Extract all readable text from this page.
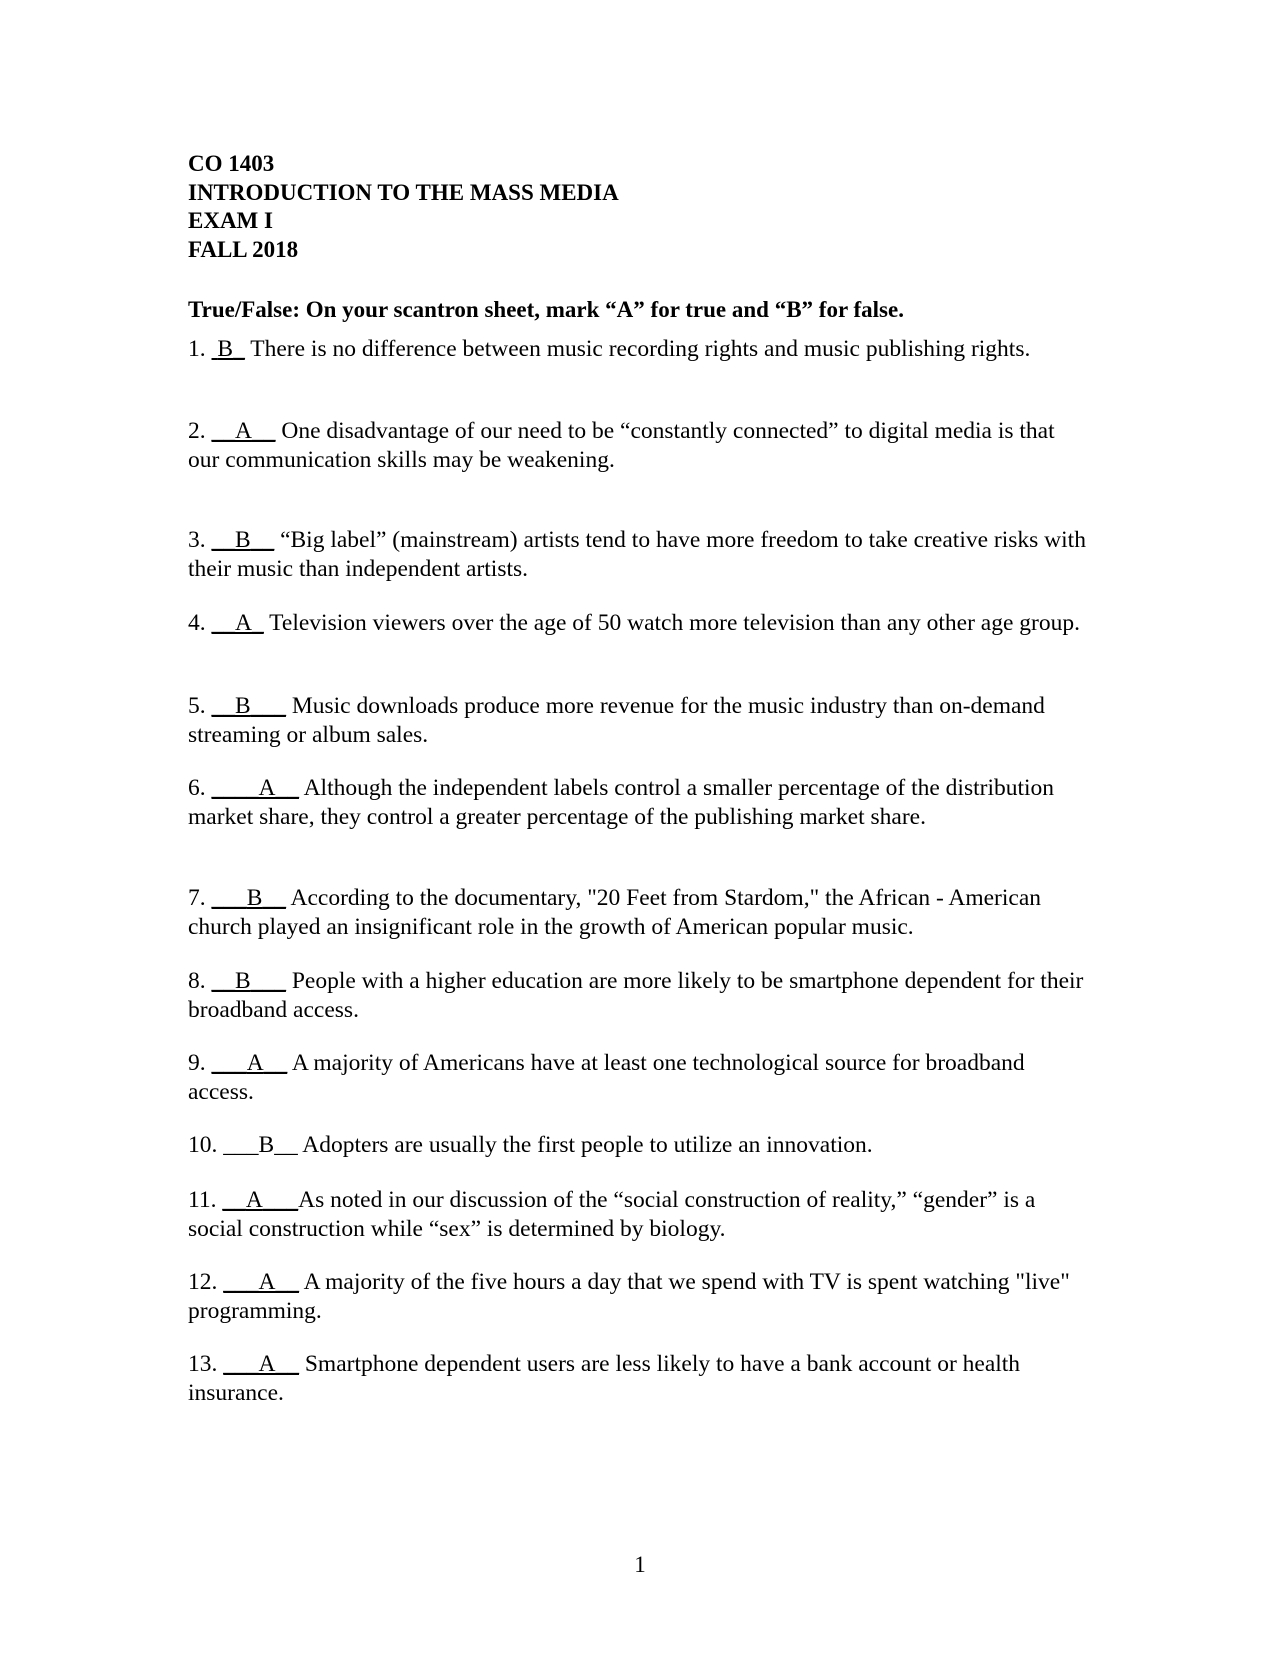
CO 1403
INTRODUCTION TO THE MASS MEDIA
EXAM I
FALL 2018
True/False: On your scantron sheet, mark “A” for true and “B” for false.
1.  B_ There is no difference between music recording rights and music publishing rights.
2. __A__ One disadvantage of our need to be “constantly connected” to digital media is that our communication skills may be weakening.
3. __B__ “Big label” (mainstream) artists tend to have more freedom to take creative risks with their music than independent artists.
4. __A_ Television viewers over the age of 50 watch more television than any other age group.
5. __B___ Music downloads produce more revenue for the music industry than on-demand streaming or album sales.
6. ____A__ Although the independent labels control a smaller percentage of the distribution market share, they control a greater percentage of the publishing market share.
7. ___B__ According to the documentary, "20 Feet from Stardom," the African - American church played an insignificant role in the growth of American popular music.
8. __B___ People with a higher education are more likely to be smartphone dependent for their broadband access.
9. ___A__ A majority of Americans have at least one technological source for broadband access.
10. ___B__ Adopters are usually the first people to utilize an innovation.
11. __A___As noted in our discussion of the “social construction of reality,” “gender” is a social construction while “sex” is determined by biology.
12. ___A__ A majority of the five hours a day that we spend with TV is spent watching "live" programming.
13. ___A__ Smartphone dependent users are less likely to have a bank account or health insurance.
1
